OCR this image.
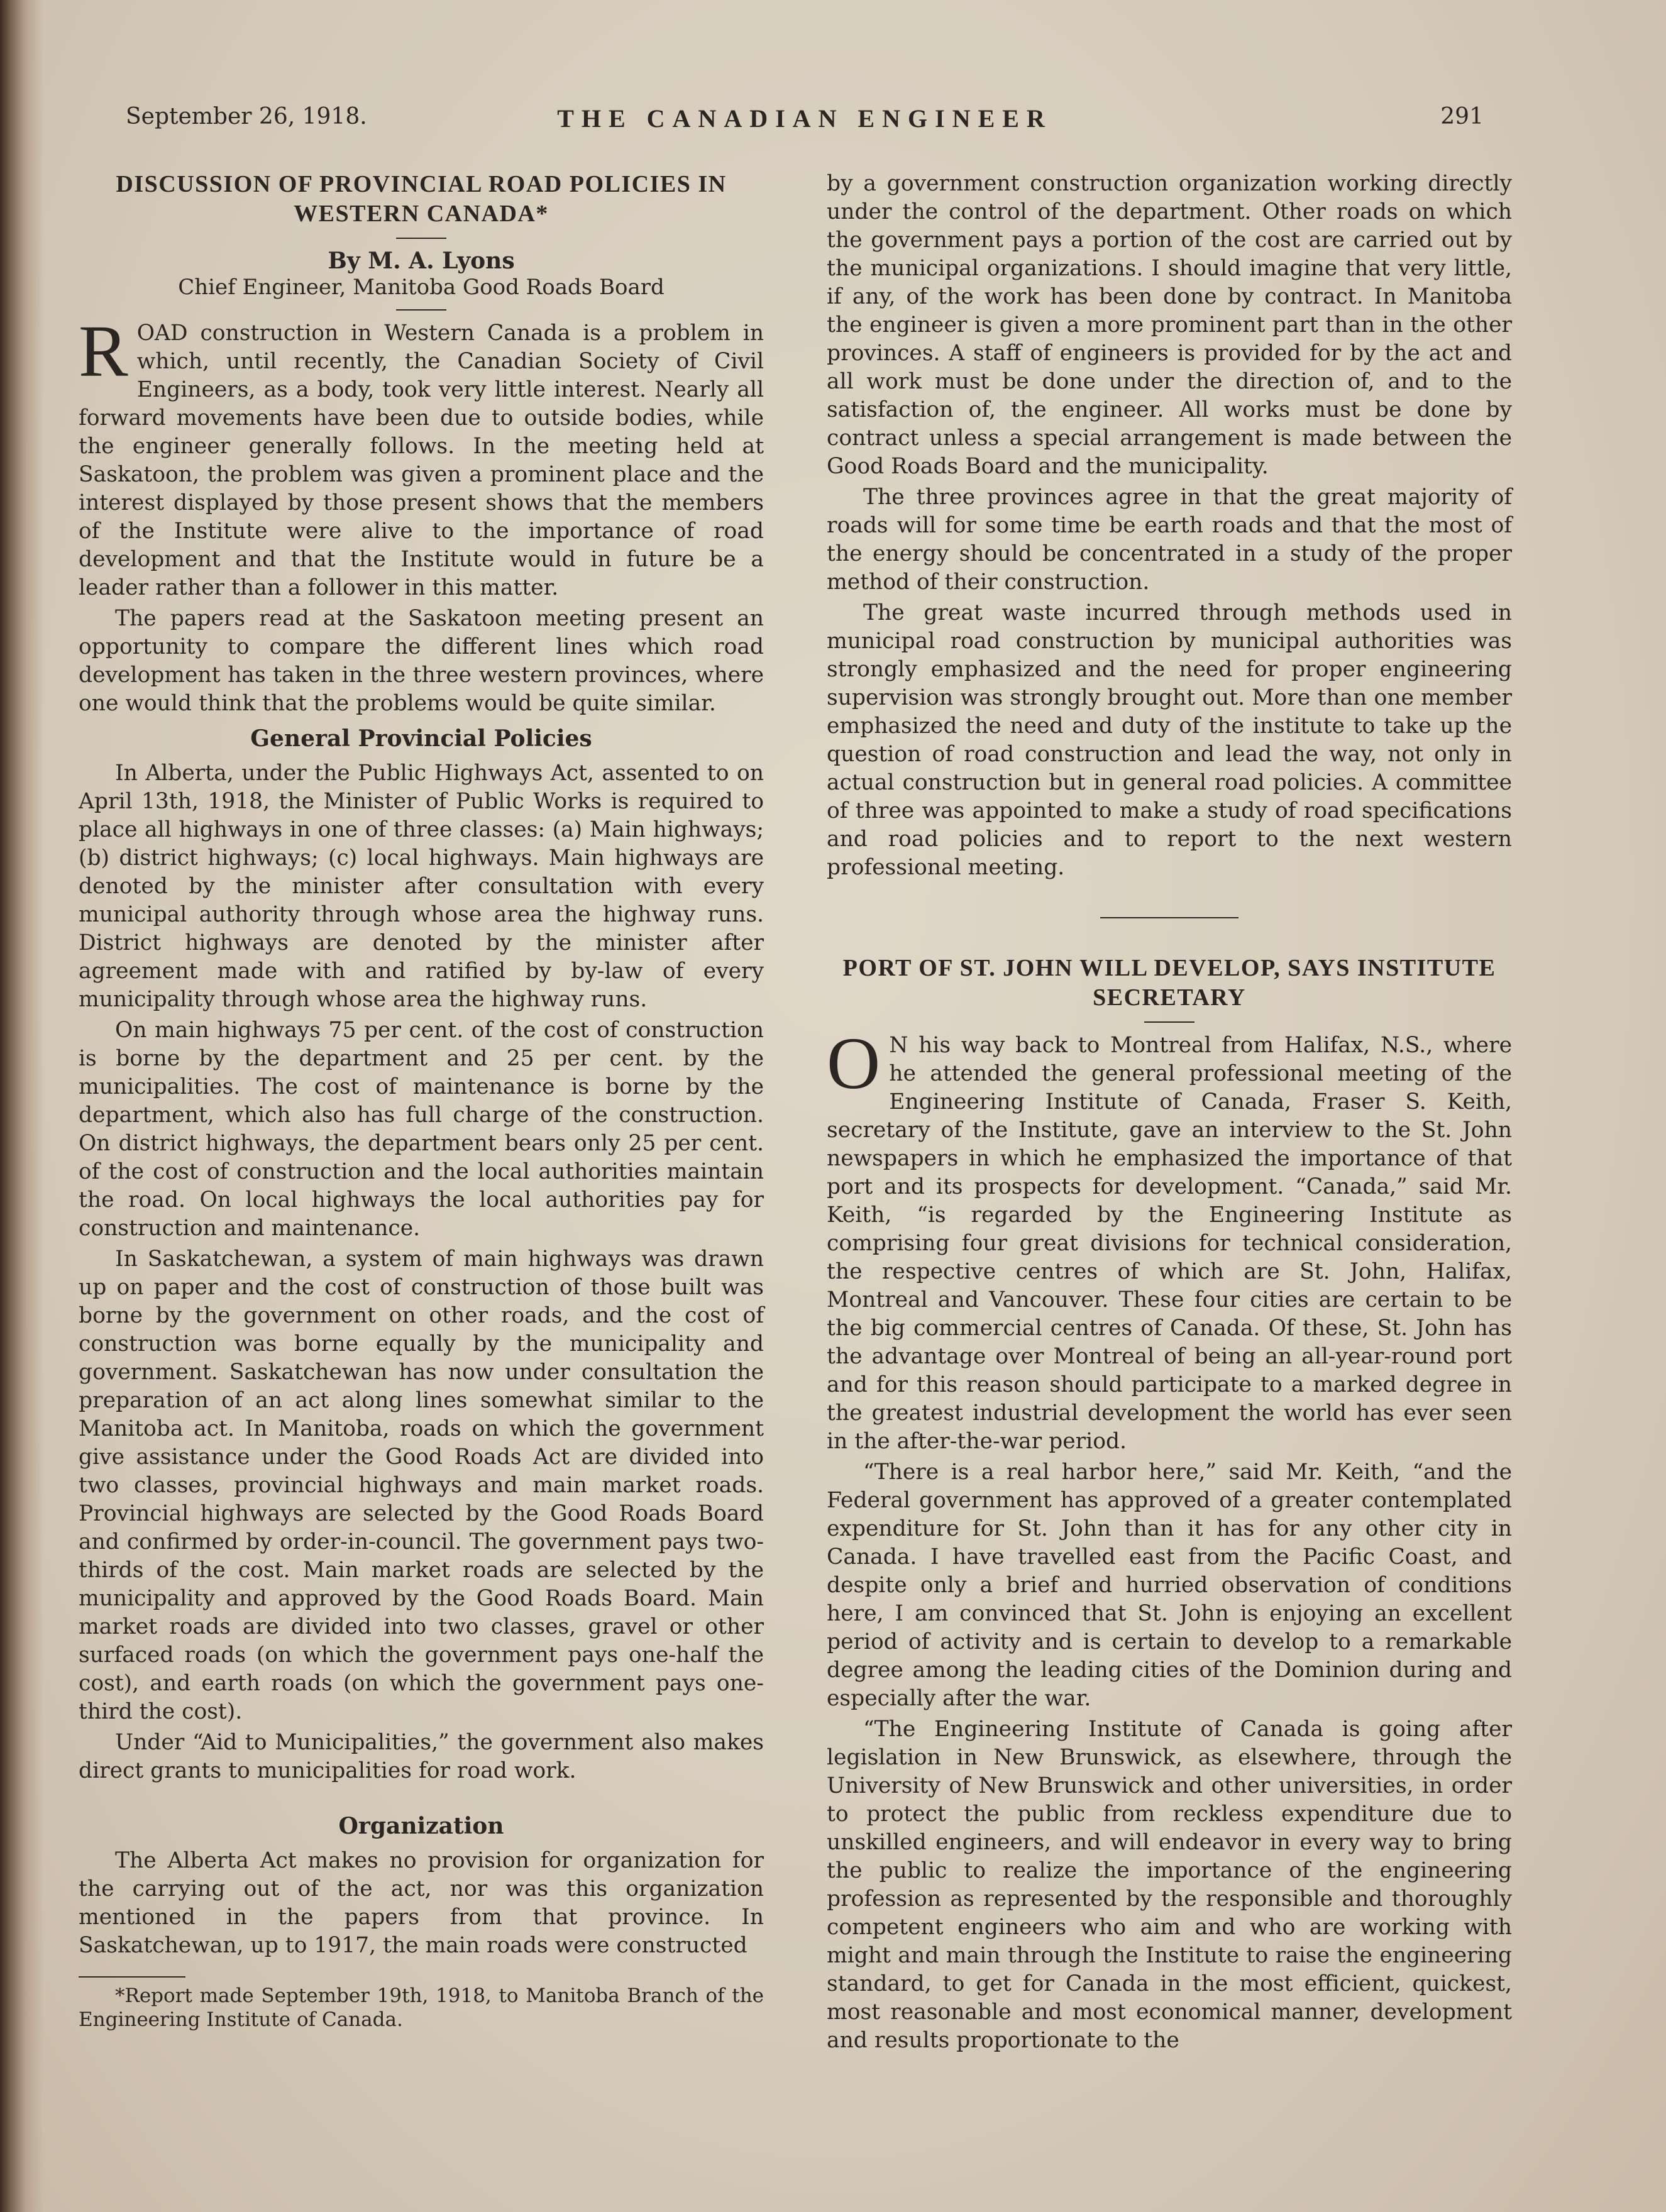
September 26, 1918.	THE CANADIAN ENGINEER	291
DISCUSSION OF PROVINCIAL ROAD POLICIES IN WESTERN CANADA*
By M. A. Lyons
Chief Engineer, Manitoba Good Roads Board

ROAD construction in Western Canada is a problem in which, until recently, the Canadian Society of Civil Engineers, as a body, took very little interest. Nearly all forward movements have been due to outside bodies, while the engineer generally follows. In the meeting held at Saskatoon, the problem was given a prominent place and the interest displayed by those present shows that the members of the Institute were alive to the importance of road development and that the Institute would in future be a leader rather than a follower in this matter.

The papers read at the Saskatoon meeting present an opportunity to compare the different lines which road development has taken in the three western provinces, where one would think that the problems would be quite similar.

General Provincial Policies

In Alberta, under the Public Highways Act, assented to on April 13th, 1918, the Minister of Public Works is required to place all highways in one of three classes: (a) Main highways; (b) district highways; (c) local highways. Main highways are denoted by the minister after consultation with every municipal authority through whose area the highway runs. District highways are denoted by the minister after agreement made with and ratified by by-law of every municipality through whose area the highway runs.

On main highways 75 per cent. of the cost of construction is borne by the department and 25 per cent. by the municipalities. The cost of maintenance is borne by the department, which also has full charge of the construction. On district highways, the department bears only 25 per cent. of the cost of construction and the local authorities maintain the road. On local highways the local authorities pay for construction and maintenance.

In Saskatchewan, a system of main highways was drawn up on paper and the cost of construction of those built was borne by the government on other roads, and the cost of construction was borne equally by the municipality and government. Saskatchewan has now under consultation the preparation of an act along lines somewhat similar to the Manitoba act. In Manitoba, roads on which the government give assistance under the Good Roads Act are divided into two classes, provincial highways and main market roads. Provincial highways are selected by the Good Roads Board and confirmed by order-in-council. The government pays two-thirds of the cost. Main market roads are selected by the municipality and approved by the Good Roads Board. Main market roads are divided into two classes, gravel or other surfaced roads (on which the government pays one-half the cost), and earth roads (on which the government pays one-third the cost).

Under “Aid to Municipalities,” the government also makes direct grants to municipalities for road work.

Organization

The Alberta Act makes no provision for organization for the carrying out of the act, nor was this organization mentioned in the papers from that province. In Saskatchewan, up to 1917, the main roads were constructed

*Report made September 19th, 1918, to Manitoba Branch of the Engineering Institute of Canada.

by a government construction organization working directly under the control of the department. Other roads on which the government pays a portion of the cost are carried out by the municipal organizations. I should imagine that very little, if any, of the work has been done by contract. In Manitoba the engineer is given a more prominent part than in the other provinces. A staff of engineers is provided for by the act and all work must be done under the direction of, and to the satisfaction of, the engineer. All works must be done by contract unless a special arrangement is made between the Good Roads Board and the municipality.

The three provinces agree in that the great majority of roads will for some time be earth roads and that the most of the energy should be concentrated in a study of the proper method of their construction.

The great waste incurred through methods used in municipal road construction by municipal authorities was strongly emphasized and the need for proper engineering supervision was strongly brought out. More than one member emphasized the need and duty of the institute to take up the question of road construction and lead the way, not only in actual construction but in general road policies. A committee of three was appointed to make a study of road specifications and road policies and to report to the next western professional meeting.

PORT OF ST. JOHN WILL DEVELOP, SAYS INSTITUTE SECRETARY

O N his way back to Montreal from Halifax, N.S., where he attended the general professional meeting of the Engineering Institute of Canada, Fraser S. Keith, secretary of the Institute, gave an interview to the St. John newspapers in which he emphasized the importance of that port and its prospects for development. “Canada,” said Mr. Keith, “is regarded by the Engineering Institute as comprising four great divisions for technical consideration, the respective centres of which are St. John, Halifax, Montreal and Vancouver. These four cities are certain to be the big commercial centres of Canada. Of these, St. John has the advantage over Montreal of being an all-year-round port and for this reason should participate to a marked degree in the greatest industrial development the world has ever seen in the after-the-war period.

“There is a real harbor here,” said Mr. Keith, “and the Federal government has approved of a greater contemplated expenditure for St. John than it has for any other city in Canada. I have travelled east from the Pacific Coast, and despite only a brief and hurried observation of conditions here, I am convinced that St. John is enjoying an excellent period of activity and is certain to develop to a remarkable degree among the leading cities of the Dominion during and especially after the war.

“The Engineering Institute of Canada is going after legislation in New Brunswick, as elsewhere, through the University of New Brunswick and other universities, in order to protect the public from reckless expenditure due to unskilled engineers, and will endeavor in every way to bring the public to realize the importance of the engineering profession as represented by the responsible and thoroughly competent engineers who aim and who are working with might and main through the Institute to raise the engineering standard, to get for Canada in the most efficient, quickest, most reasonable and most economical manner, development and results proportionate to the
